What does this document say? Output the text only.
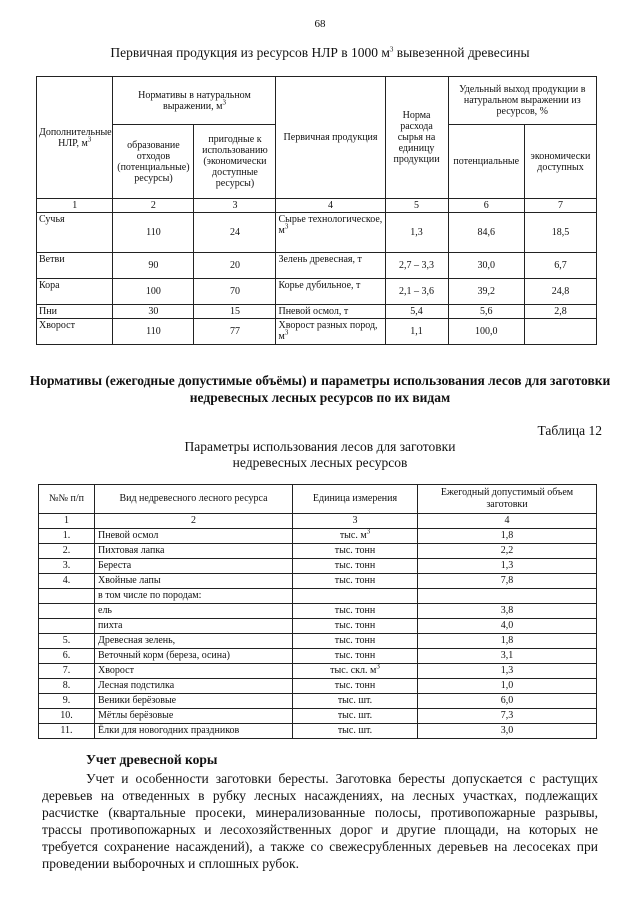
68
Первичная продукция из ресурсов НЛР в 1000 $м^3$ вывезенной древесины
Дополнительные НЛР, $м^3$	Нормативы в натуральном выражении, $м^3$		Первичная продукция	Норма расхода сырья на единицу продукции	Удельный выход продукции в натуральном выражении из ресурсов, %	
	образование отходов (потенциальные) ресурсы)	пригодные к использованию (экономически доступные ресурсы)			потенциальные	экономически доступных
1	2	3	4	5	6	7
Сучья	110	24	Сырье технологическое, $м^3$	1,3	84,6	18,5
Ветви	90	20	Зелень древесная, т	2,7 – 3,3	30,0	6,7
Кора	100	70	Корье дубильное, т	2,1 – 3,6	39,2	24,8
Пни	30	15	Пневой осмол, т	5,4	5,6	2,8
Хворост	110	77	Хворост разных пород, $м^3$	1,1	100,0	
Нормативы (ежегодные допустимые объёмы) и параметры использования лесов для заготовки недревесных лесных ресурсов по их видам
Таблица 12
Параметры использования лесов для заготовки
недревесных лесных ресурсов
№№ п/п	Вид недревесного лесного ресурса	Единица измерения	Ежегодный допустимый объем заготовки
1	2	3	4
1.	Пневой осмол	тыс. $м^3$	1,8
2.	Пихтовая лапка	тыс. тонн	2,2
3.	Береста	тыс. тонн	1,3
4.	Хвойные лапы	тыс. тонн	7,8
	в том числе по породам:		
	ель	тыс. тонн	3,8
	пихта	тыс. тонн	4,0
5.	Древесная зелень,	тыс. тонн	1,8
6.	Веточный корм (береза, осина)	тыс. тонн	3,1
7.	Хворост	тыс. скл. $м^3$	1,3
8.	Лесная подстилка	тыс. тонн	1,0
9.	Веники берёзовые	тыс. шт.	6,0
10.	Мётлы берёзовые	тыс. шт.	7,3
11.	Ёлки для новогодних праздников	тыс. шт.	3,0
Учет древесной коры

Учет и особенности заготовки бересты. Заготовка бересты допускается с растущих деревьев на отведенных в рубку лесных насаждениях, на лесных участках, подлежащих расчистке (квартальные просеки, минерализованные полосы, противопожарные разрывы, трассы противопожарных и лесохозяйственных дорог и другие площади, на которых не требуется сохранение насаждений), а также со свежесрубленных деревьев на лесосеках при проведении выборочных и сплошных рубок.
